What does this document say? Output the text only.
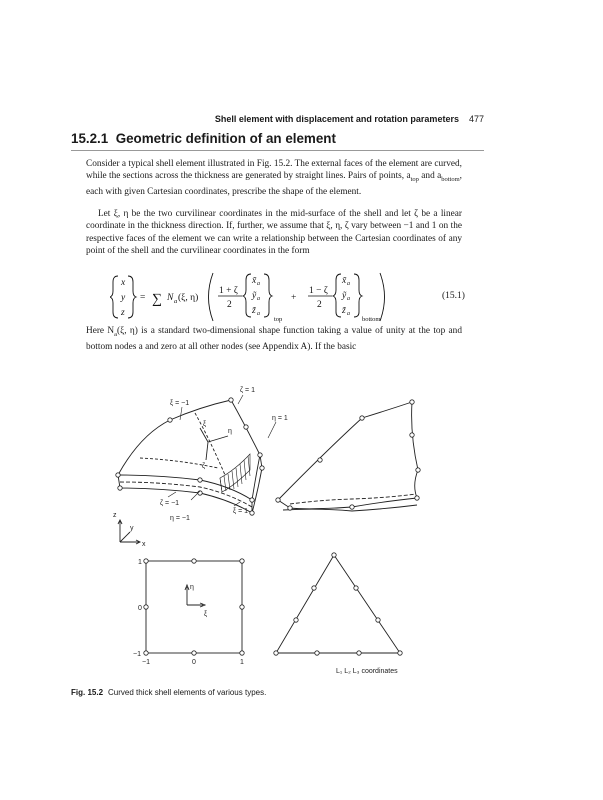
Shell element with displacement and rotation parameters 477
15.2.1 Geometric definition of an element

Consider a typical shell element illustrated in Fig. 15.2. The external faces of the element are curved, while the sections across the thickness are generated by straight lines. Pairs of points, $a_{top}$ and $a_{bottom}$, each with given Cartesian coordinates, prescribe the shape of the element.

Let ξ, η be the two curvilinear coordinates in the mid-surface of the shell and let ζ be a linear coordinate in the thickness direction. If, further, we assume that ξ, η, ζ vary between −1 and 1 on the respective faces of the element we can write a relationship between the Cartesian coordinates of any point of the shell and the curvilinear coordinates in the form

x
y
z
= ∑ N a (ξ, η)
1 + ζ
2
x̃ a
ỹ a
z̃ a
top
+
1 − ζ
2
x̃ a
ỹ a
z̃ a
bottom
(15.1)

Here $N_a(\xi$, η) is a standard two-dimensional shape function taking a value of unity at the top and bottom nodes a and zero at all other nodes (see Appendix A). If the basic

ζ = 1
ξ = −1
η = 1
ξ
η
ζ
ζ = −1
η = −1
ξ = 1
z
y
x
1
0
−1
−1	0	1
η
ξ
L₁ L₂ L₃ coordinates
Fig. 15.2 Curved thick shell elements of various types.
